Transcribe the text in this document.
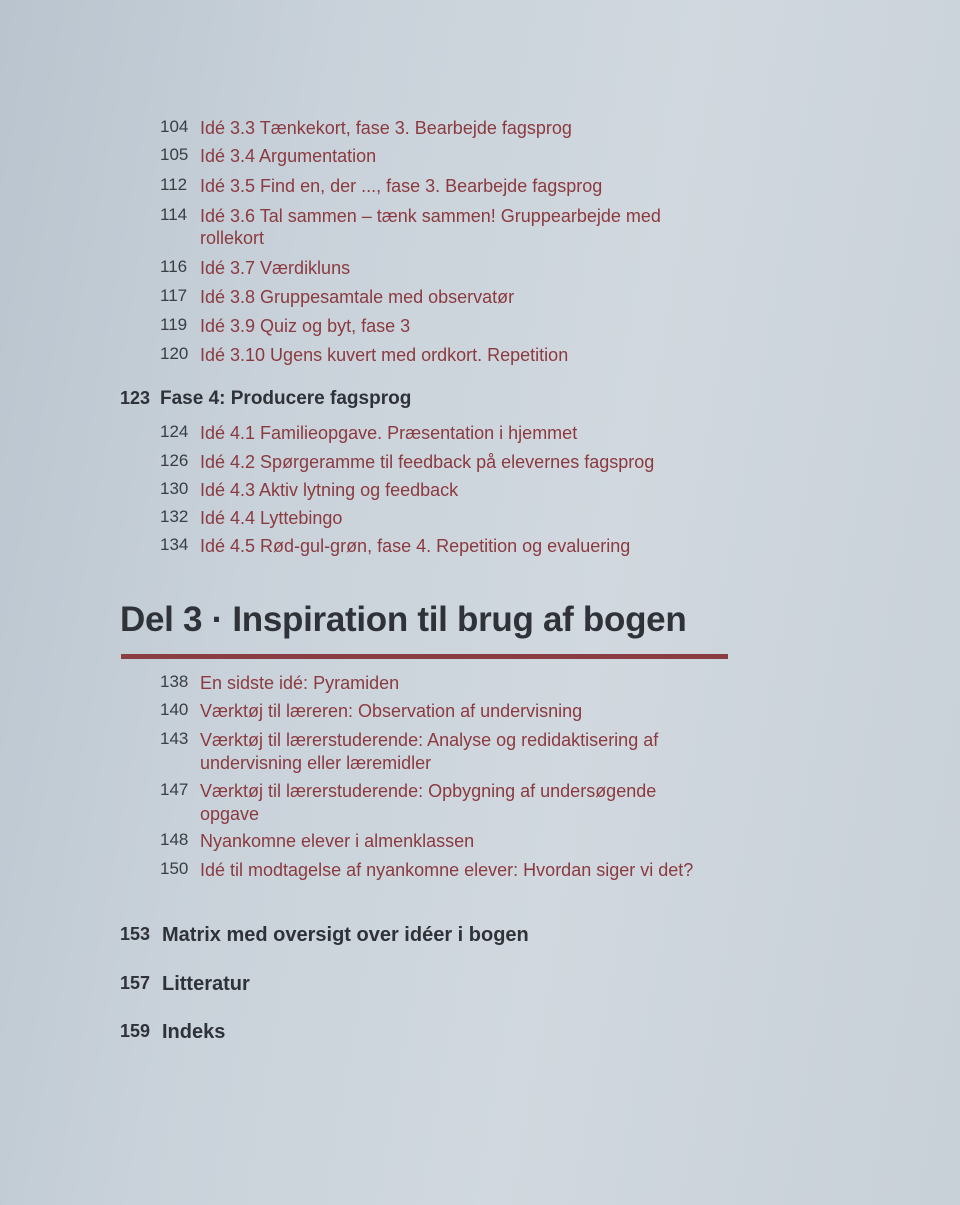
104 Idé 3.3 Tænkekort, fase 3. Bearbejde fagsprog
105 Idé 3.4 Argumentation
112 Idé 3.5 Find en, der ..., fase 3. Bearbejde fagsprog
114 Idé 3.6 Tal sammen – tænk sammen! Gruppearbejde med rollekort
116 Idé 3.7 Værdikluns
117 Idé 3.8 Gruppesamtale med observatør
119 Idé 3.9 Quiz og byt, fase 3
120 Idé 3.10 Ugens kuvert med ordkort. Repetition
123 Fase 4: Producere fagsprog
124 Idé 4.1 Familieopgave. Præsentation i hjemmet
126 Idé 4.2 Spørgeramme til feedback på elevernes fagsprog
130 Idé 4.3 Aktiv lytning og feedback
132 Idé 4.4 Lyttebingo
134 Idé 4.5 Rød-gul-grøn, fase 4. Repetition og evaluering
Del 3 · Inspiration til brug af bogen
138 En sidste idé: Pyramiden
140 Værktøj til læreren: Observation af undervisning
143 Værktøj til lærerstuderende: Analyse og redidaktisering af undervisning eller læremidler
147 Værktøj til lærerstuderende: Opbygning af undersøgende opgave
148 Nyankomne elever i almenklassen
150 Idé til modtagelse af nyankomne elever: Hvordan siger vi det?
153 Matrix med oversigt over idéer i bogen
157 Litteratur
159 Indeks
